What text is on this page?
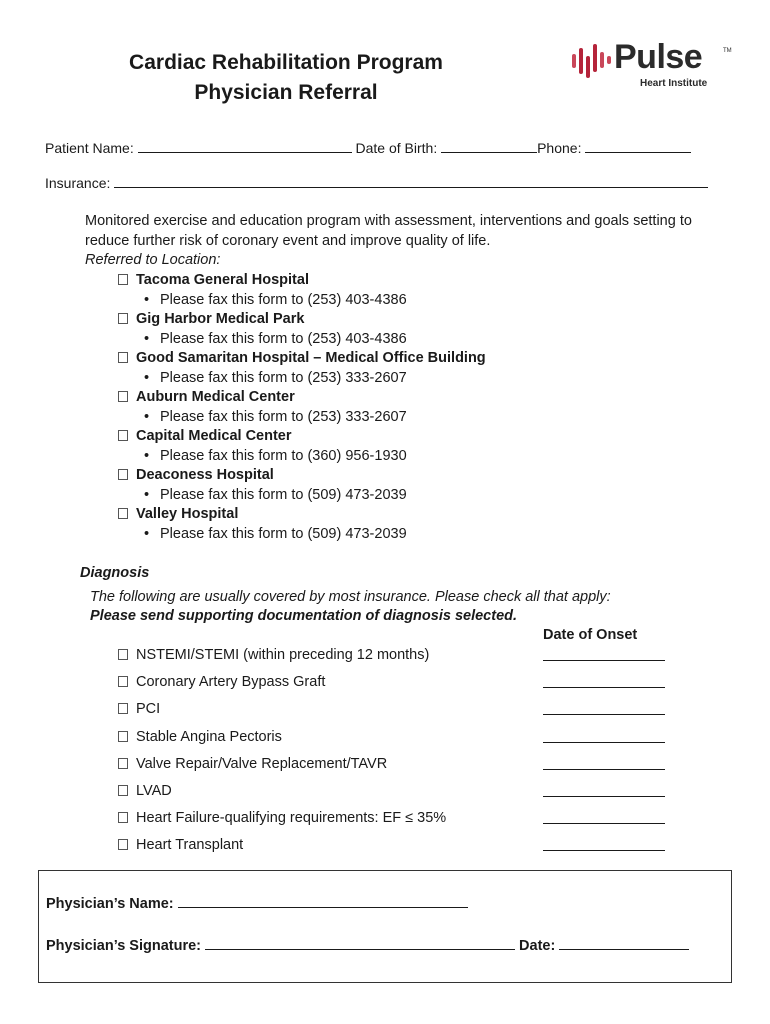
Cardiac Rehabilitation Program
Physician Referral
Pulse	TM
Heart Institute
Patient Name:	Date of Birth:	Phone:
Insurance:
Monitored exercise and education program with assessment, interventions and goals setting to reduce further risk of coronary event and improve quality of life.
Referred to Location:
Tacoma General Hospital
• Please fax this form to (253) 403-4386
Gig Harbor Medical Park
• Please fax this form to (253) 403-4386
Good Samaritan Hospital – Medical Office Building
• Please fax this form to (253) 333-2607
Auburn Medical Center
• Please fax this form to (253) 333-2607
Capital Medical Center
• Please fax this form to (360) 956-1930
Deaconess Hospital
• Please fax this form to (509) 473-2039
Valley Hospital
• Please fax this form to (509) 473-2039
Diagnosis
The following are usually covered by most insurance. Please check all that apply:
Please send supporting documentation of diagnosis selected.
Date of Onset
NSTEMI/STEMI (within preceding 12 months)
Coronary Artery Bypass Graft
PCI
Stable Angina Pectoris
Valve Repair/Valve Replacement/TAVR
LVAD
Heart Failure-qualifying requirements: EF ≤ 35%
Heart Transplant
Physician’s Name:
Physician’s Signature:	Date:
